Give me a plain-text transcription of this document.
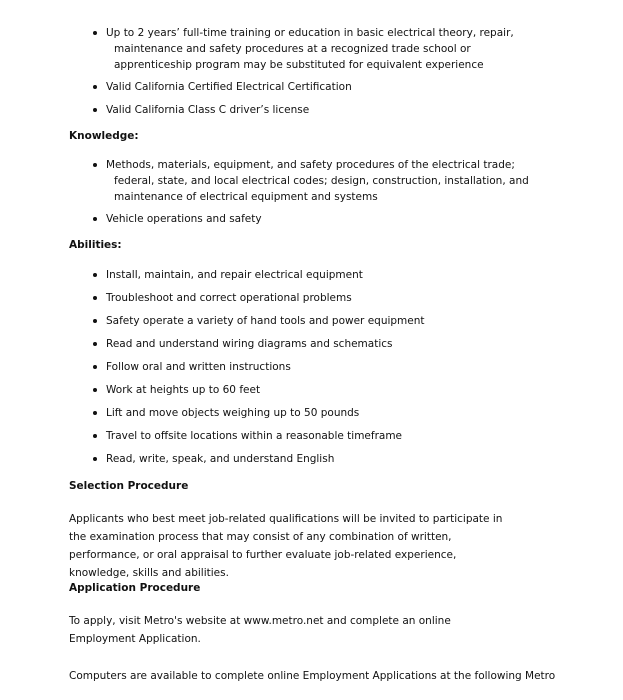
Up to 2 years’ full-time training or education in basic electrical theory, repair, maintenance and safety procedures at a recognized trade school or apprenticeship program may be substituted for equivalent experience
Valid California Certified Electrical Certification
Valid California Class C driver’s license
Knowledge:
Methods, materials, equipment, and safety procedures of the electrical trade; federal, state, and local electrical codes; design, construction, installation, and maintenance of electrical equipment and systems
Vehicle operations and safety
Abilities:
Install, maintain, and repair electrical equipment
Troubleshoot and correct operational problems
Safety operate a variety of hand tools and power equipment
Read and understand wiring diagrams and schematics
Follow oral and written instructions
Work at heights up to 60 feet
Lift and move objects weighing up to 50 pounds
Travel to offsite locations within a reasonable timeframe
Read, write, speak, and understand English
Selection Procedure
Applicants who best meet job-related qualifications will be invited to participate in the examination process that may consist of any combination of written, performance, or oral appraisal to further evaluate job-related experience, knowledge, skills and abilities.
Application Procedure
To apply, visit Metro's website at www.metro.net and complete an online Employment Application.
Computers are available to complete online Employment Applications at the following Metro
